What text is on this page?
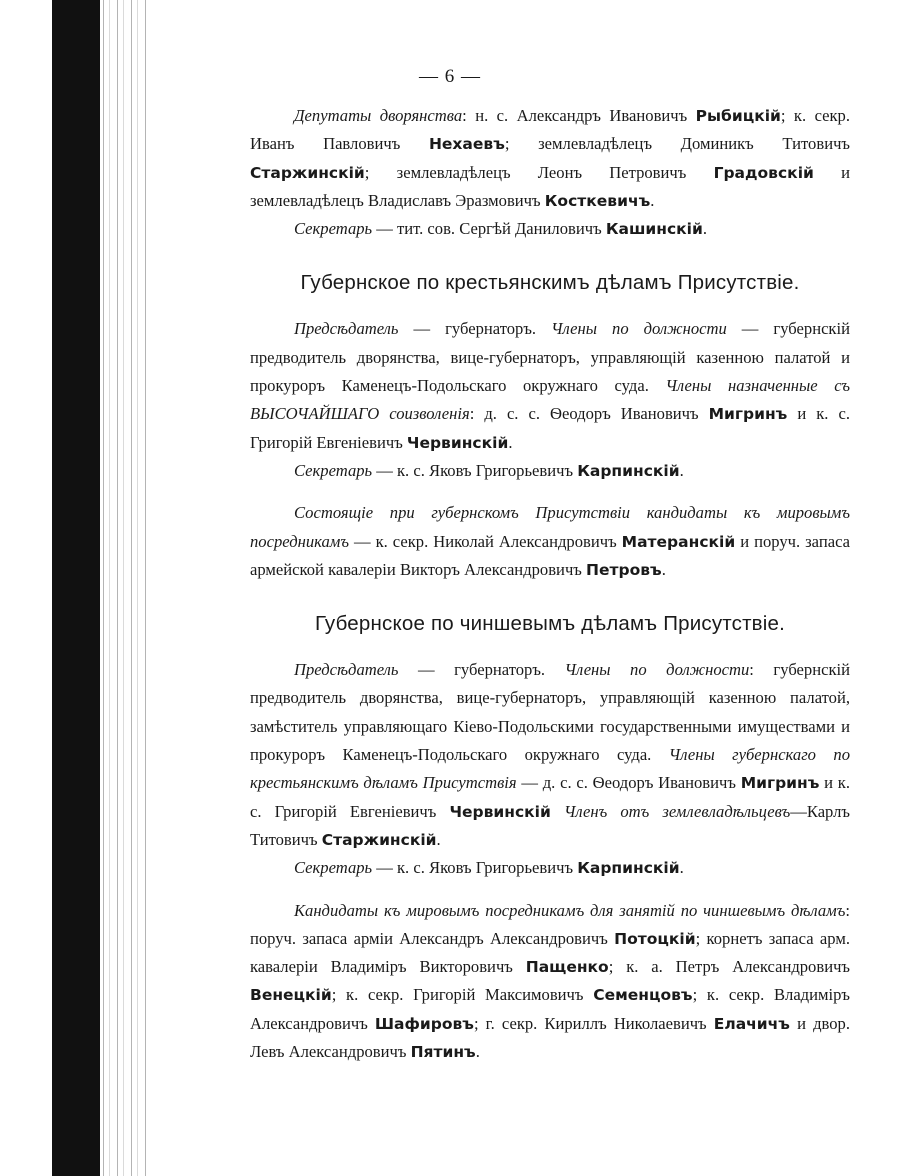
— 6 —

Депутаты дворянства: н. с. Александръ Ивановичъ Рыбицкій; к. секр. Иванъ Павловичъ Нехаевъ; землевладѣлецъ Доминикъ Титовичъ Старжинскій; землевладѣлецъ Леонъ Петровичъ Градовскій и землевладѣлецъ Владиславъ Эразмовичъ Косткевичъ.

Секретарь — тит. сов. Сергѣй Даниловичъ Кашинскій.

Губернское по крестьянскимъ дѣламъ Присутствіе.

Предсѣдатель — губернаторъ. Члены по должности — губернскій предводитель дворянства, вице-губернаторъ, управляющій казенною палатой и прокуроръ Каменецъ-Подольскаго окружнаго суда. Члены назначенные съ ВЫСОЧАЙШАГО соизволенія: д. с. с. Ѳеодоръ Ивановичъ Мигринъ и к. с. Григорій Евгеніевичъ Червинскій.

Секретарь — к. с. Яковъ Григорьевичъ Карпинскій.

Состоящіе при губернскомъ Присутствіи кандидаты къ мировымъ посредникамъ — к. секр. Николай Александровичъ Матеранскій и поруч. запаса армейской кавалеріи Викторъ Александровичъ Петровъ.

Губернское по чиншевымъ дѣламъ Присутствіе.

Предсѣдатель — губернаторъ. Члены по должности: губернскій предводитель дворянства, вице-губернаторъ, управляющій казенною палатой, замѣститель управляющаго Кіево-Подольскими государственными имуществами и прокуроръ Каменецъ-Подольскаго окружнаго суда. Члены губернскаго по крестьянскимъ дѣламъ Присутствія — д. с. с. Ѳеодоръ Ивановичъ Мигринъ и к. с. Григорій Евгеніевичъ Червинскій Членъ отъ землевладѣльцевъ—Карлъ Титовичъ Старжинскій.

Секретарь — к. с. Яковъ Григорьевичъ Карпинскій.

Кандидаты къ мировымъ посредникамъ для занятій по чиншевымъ дѣламъ: поруч. запаса арміи Александръ Александровичъ Потоцкій; корнетъ запаса арм. кавалеріи Владиміръ Викторовичъ Пащенко; к. а. Петръ Александровичъ Венецкій; к. секр. Григорій Максимовичъ Семенцовъ; к. секр. Владиміръ Александровичъ Шафировъ; г. секр. Кириллъ Николаевичъ Елачичъ и двор. Левъ Александровичъ Пятинъ.
